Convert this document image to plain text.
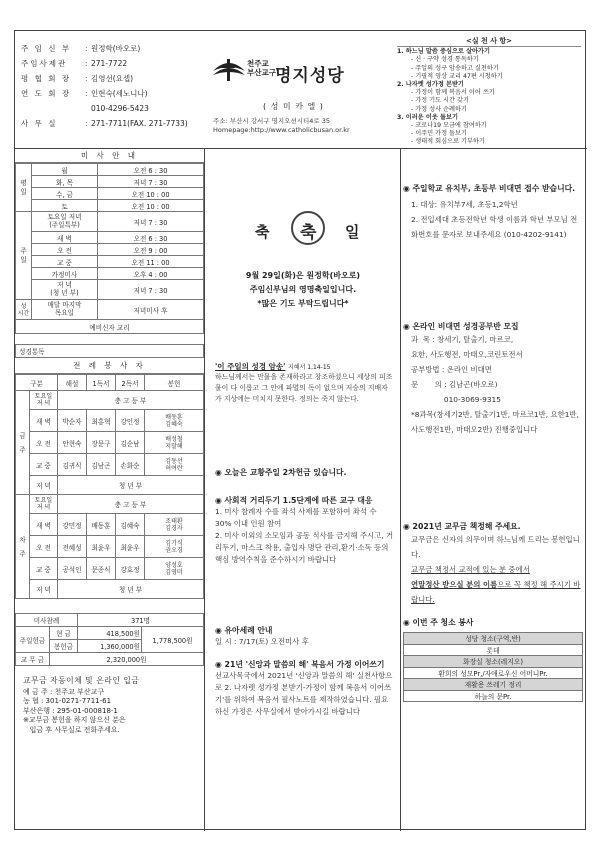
주 임 신 부	: 원정학(바오로)
주임사제관	: 271-7722
평 협 회 장	: 김영선(요셉)
연 도 회 장	: 인현숙(세노니나)
010-4296-5423
사 무 실	: 271-7711(FAX. 271-7733)
천주교
부산교구 명지성당
( 성 미 카 엘 )
주소: 부산시 강서구 명지오션시티4로 35
Homepage:http://www.catholicbusan.or.kr
<실 천 사 항>
1. 하느님 말씀 중심으로 살아가기
- 신 · 구약 성경 통독하기
- 주일의 성구 암송하고 실천하기
- 기필적 영상 교리 47편 시청하기
2. 나자렛 성가정 본받기
- 가정이 함께 복음서 이어 쓰기
- 가정 기도 시간 갖기
- 가정 성사 순례하기
3. 이러운 이웃 돌보기
- 코로나19 모금에 참여하기
- 이주민 가정 돌보기
- 생태적 회심으로 기부하기
미 사 안 내
평 일	월	오전 6 : 30
	화, 목	저녁 7 : 30
	수, 금	오전 10 : 00
	토	오전 10 : 00
주 일	토요일 저녁
(주일특부)	저녁 7 : 30
	새 벽	오전 6 : 30
	오 전	오전 9 : 00
	교 중	오전 11 : 00
	가정미사	오후 4 : 00
	저 녁
(청 년 부)	저녁 7 : 30
성 시간	매달 마지막
목요일	저녁미사 후
예비신자 교리		
성경통독
전 례 봉 사 자
구분		해설	1독서	2독서	봉헌
금 주	토요일
저 녁	충 고 등 부			
	새 벽	박순자	최홍혁	강인정	배동훈
김혜숙
	오 전	안현숙	장문구	김순남	배성철
지말해
	교 중	김귀식	김남곤	손화순	김동선
허여란
	저 녁	청 년 부			
차 주	토요일
저 녁	충 고 등 부			
	새 벽	강민정	배동훈	김혜숙	조태환
김경자
	오 전	전혜성	최윤우	최윤우	김기식
권오경
	교 중	공석인	문종식	강효정	양성호
김영미
	저 녁	청 년 부			
미사참례		371명	
주일헌금	현 금	418,500원	1,778,500원
	봉헌금	1,360,000원	
교 무 금	2,320,000원		
교무금 자동이체 및 온라인 입금
예 금 주 : 천주교 부산교구
농 협 : 301-0271-7711-61
부산은행 : 295-01-000818-1
※교무금 봉헌을 하지 않으신 분은
입금 후 사무실로 전화주세요.
축 축 일
9월 29일(화)은 원정학(바오로)
주임신부님의 영명축일입니다.
*많은 기도 부탁드립니다*
'이 주일의 성경 암송' 지혜서 1,14-15
하느님께서는 만물을 존재하라고 창조하셨으니 세상의 피조물이 다 이롭고 그 안에 파멸의 독이 없으며 저승의 지배자가 지상에는 미치지 못한다. 정의는 죽지 않는다.
◉ 오늘은 교황주일 2차헌금 있습니다.
◉ 사회적 거리두기 1.5단계에 따른 교구 대응
1. 미사 참례자 수를 좌석 사제를 포함하여 좌석 수 30% 이내 인원 참여
2. 미사 이외의 소모임과 공동 식사를 금지해 주시고, 거리두기, 마스크 착용, 출입자 명단 관리,환기·소독 등의 핵심 방역수칙을 준수하시기 바랍니다
◉ 유아세례 안내
일 시 : 7/17(토) 오전미사 후
◉ 21년 '신앙과 말씀의 해' 복음서 가정 이어쓰기
선교사목국에서 2021년 '신앙과 말씀의 해' 실천사항으로 2. 나자렛 성가정 본받기-가정이 함께 복음서 이어쓰기'를 위하여 복음서 필사노트를 제작하였습니다. 필요하신 가정은 사무실에서 받아가시길 바랍니다
◉ 주일학교 유치부, 초등부 비대면 접수 받습니다.
1. 대상: 유치부7세, 초등1,2학년
2. 전입세대 초등전학년 학생 이름과 학년 부모님 전화번호를 문자로 보내주세요 (010-4202-9141)
◉ 온라인 비대면 성경공부반 모집
과  목 : 창세기, 탈출기, 마르코,
요한, 사도행전, 마태오,코린토전서
공부방법 : 온라인 비대면
문       의 : 김남곤(바오로)
010-3069-9315
*8과목(창세기2반, 탈출기1반, 마르코1반, 요한1반, 사도행전1반, 마태오2반) 진행중입니다
◉ 2021년 교무금 책정해 주세요.
교무금은 신자의 의무이며 하느님께 드리는 봉헌입니다.
교무금 책정서 교적에 있는 분 중에서
연말정산 받으실 분의 이름으로 꼭 책정 해 주시기 바랍니다.
◉ 이번 주 청소 봉사
성당 청소(구역,반)
롯데
화장실 청소(레지오)
환희의 성모Pr,/자애로우신 어머니Pr.
재활용 쓰레기 정리
하늘의 문Pr.
